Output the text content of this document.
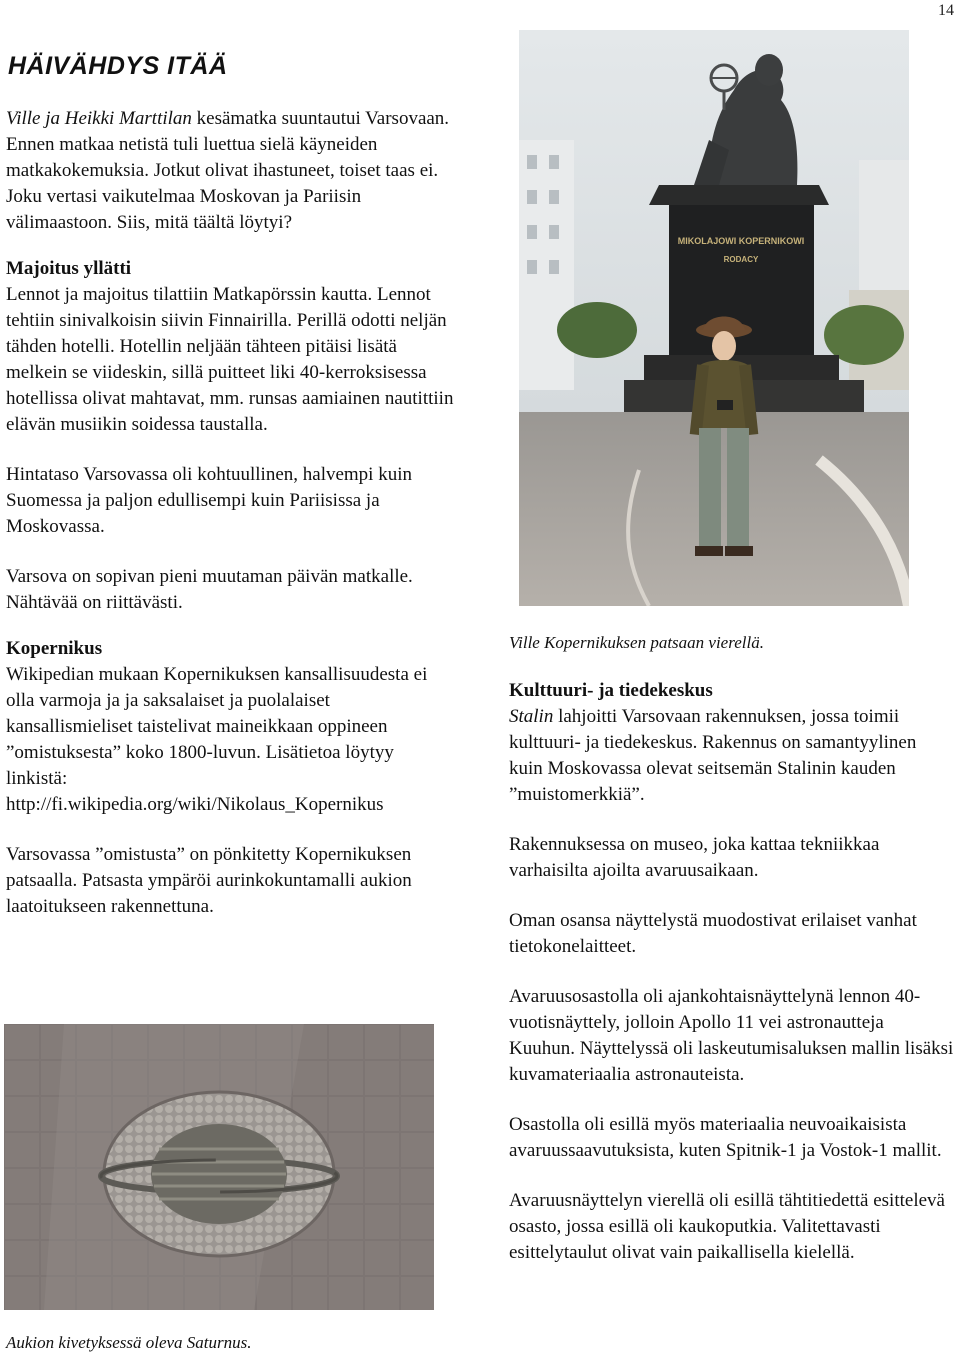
14
HÄIVÄHDYS ITÄÄ

Ville ja Heikki Marttilan kesämatka suuntautui Varsovaan. Ennen matkaa netistä tuli luettua sielä käyneiden matkakokemuksia. Jotkut olivat ihastuneet, toiset taas ei. Joku vertasi vaikutelmaa Moskovan ja Pariisin välimaastoon. Siis, mitä täältä löytyi?

Majoitus yllätti

Lennot ja majoitus tilattiin Matkapörssin kautta. Lennot tehtiin sinivalkoisin siivin Finnairilla. Perillä odotti neljän tähden hotelli. Hotellin neljään tähteen pitäisi lisätä melkein se viideskin, sillä puitteet liki 40-kerroksisessa hotellissa olivat mahtavat, mm. runsas aamiainen nautittiin elävän musiikin soidessa taustalla.

Hintataso Varsovassa oli kohtuullinen, halvempi kuin Suomessa ja paljon edullisempi kuin Pariisissa ja Moskovassa.

Varsova on sopivan pieni muutaman päivän matkalle. Nähtävää on riittävästi.

Kopernikus

Wikipedian mukaan Kopernikuksen kansallisuudesta ei olla varmoja ja ja saksalaiset ja puolalaiset kansallismieliset taistelivat maineikkaan oppineen ”omistuksesta” koko 1800-luvun. Lisätietoa löytyy linkistä:
http://fi.wikipedia.org/wiki/Nikolaus_Kopernikus

Varsovassa ”omistusta” on pönkitetty Kopernikuksen patsaalla. Patsasta ympäröi aurinkokuntamalli aukion laatoitukseen rakennettuna.

MIKOLAJOWI KOPERNIKOWI
RODACY

Ville Kopernikuksen patsaan vierellä.

Kulttuuri- ja tiedekeskus

Stalin lahjoitti Varsovaan rakennuksen, jossa toimii kulttuuri- ja tiedekeskus. Rakennus on samantyylinen kuin Moskovassa olevat seitsemän Stalinin kauden ”muistomerkkiä”.

Rakennuksessa on museo, joka kattaa tekniikkaa varhaisilta ajoilta avaruusaikaan.

Oman osansa näyttelystä muodostivat erilaiset vanhat tietokonelaitteet.

Avaruusosastolla oli ajankohtaisnäyttelynä lennon 40-vuotisnäyttely, jolloin Apollo 11 vei astronautteja Kuuhun. Näyttelyssä oli laskeutumisaluksen mallin lisäksi kuvamateriaalia astronauteista.

Osastolla oli esillä myös materiaalia neuvoaikaisista avaruussaavutuksista, kuten Spitnik-1 ja Vostok-1 mallit.

Avaruusnäyttelyn vierellä oli esillä tähtitiedettä esittelevä osasto, jossa esillä oli kaukoputkia. Valitettavasti esittelytaulut olivat vain paikallisella kielellä.

Aukion kivetyksessä oleva Saturnus.
